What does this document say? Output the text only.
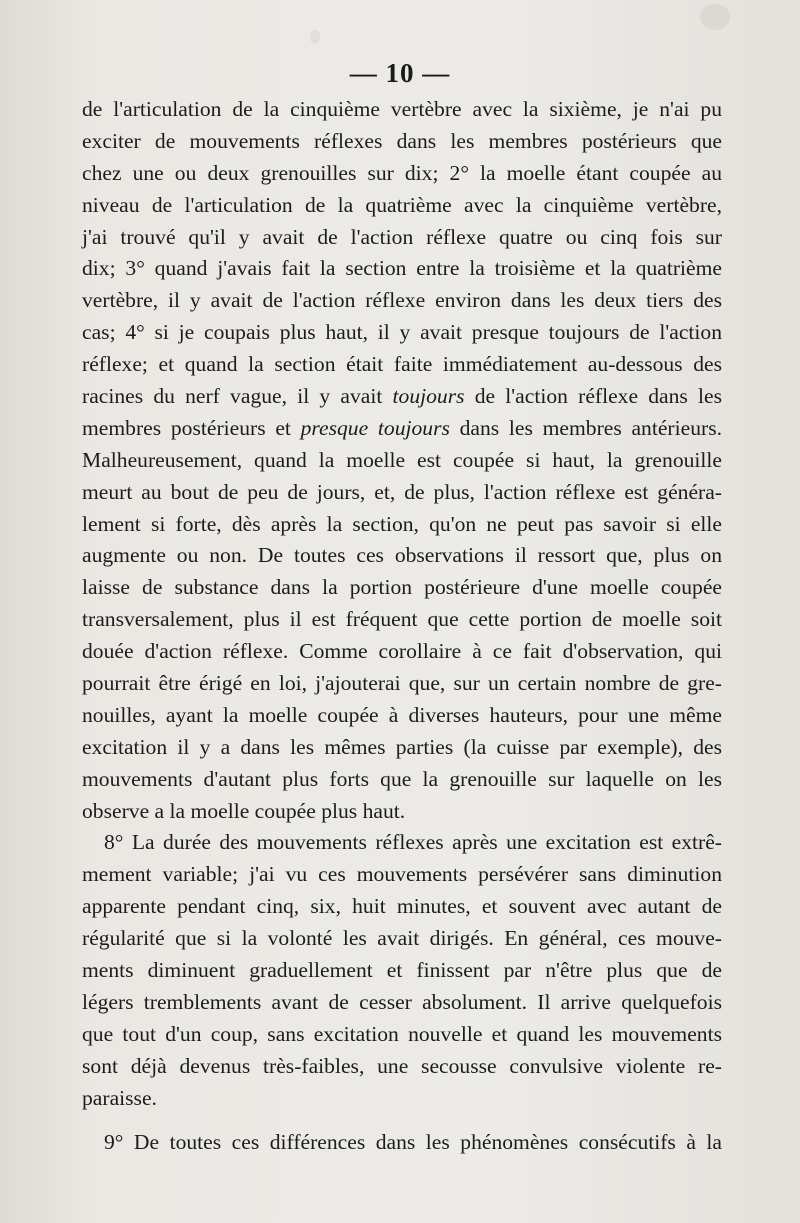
— 10 —
de l'articulation de la cinquième vertèbre avec la sixième, je n'ai pu
exciter de mouvements réflexes dans les membres postérieurs que
chez une ou deux grenouilles sur dix; 2° la moelle étant coupée au
niveau de l'articulation de la quatrième avec la cinquième vertèbre,
j'ai trouvé qu'il y avait de l'action réflexe quatre ou cinq fois sur
dix; 3° quand j'avais fait la section entre la troisième et la quatrième
vertèbre, il y avait de l'action réflexe environ dans les deux tiers des
cas; 4° si je coupais plus haut, il y avait presque toujours de l'action
réflexe; et quand la section était faite immédiatement au-dessous des
racines du nerf vague, il y avait toujours de l'action réflexe dans les
membres postérieurs et presque toujours dans les membres antérieurs.
Malheureusement, quand la moelle est coupée si haut, la grenouille
meurt au bout de peu de jours, et, de plus, l'action réflexe est généra-
lement si forte, dès après la section, qu'on ne peut pas savoir si elle
augmente ou non. De toutes ces observations il ressort que, plus on
laisse de substance dans la portion postérieure d'une moelle coupée
transversalement, plus il est fréquent que cette portion de moelle soit
douée d'action réflexe. Comme corollaire à ce fait d'observation, qui
pourrait être érigé en loi, j'ajouterai que, sur un certain nombre de gre-
nouilles, ayant la moelle coupée à diverses hauteurs, pour une même
excitation il y a dans les mêmes parties (la cuisse par exemple), des
mouvements d'autant plus forts que la grenouille sur laquelle on les
observe a la moelle coupée plus haut.
8° La durée des mouvements réflexes après une excitation est extrê-
mement variable; j'ai vu ces mouvements persévérer sans diminution
apparente pendant cinq, six, huit minutes, et souvent avec autant de
régularité que si la volonté les avait dirigés. En général, ces mouve-
ments diminuent graduellement et finissent par n'être plus que de
légers tremblements avant de cesser absolument. Il arrive quelquefois
que tout d'un coup, sans excitation nouvelle et quand les mouvements
sont déjà devenus très-faibles, une secousse convulsive violente re-
paraisse.
9° De toutes ces différences dans les phénomènes consécutifs à la
